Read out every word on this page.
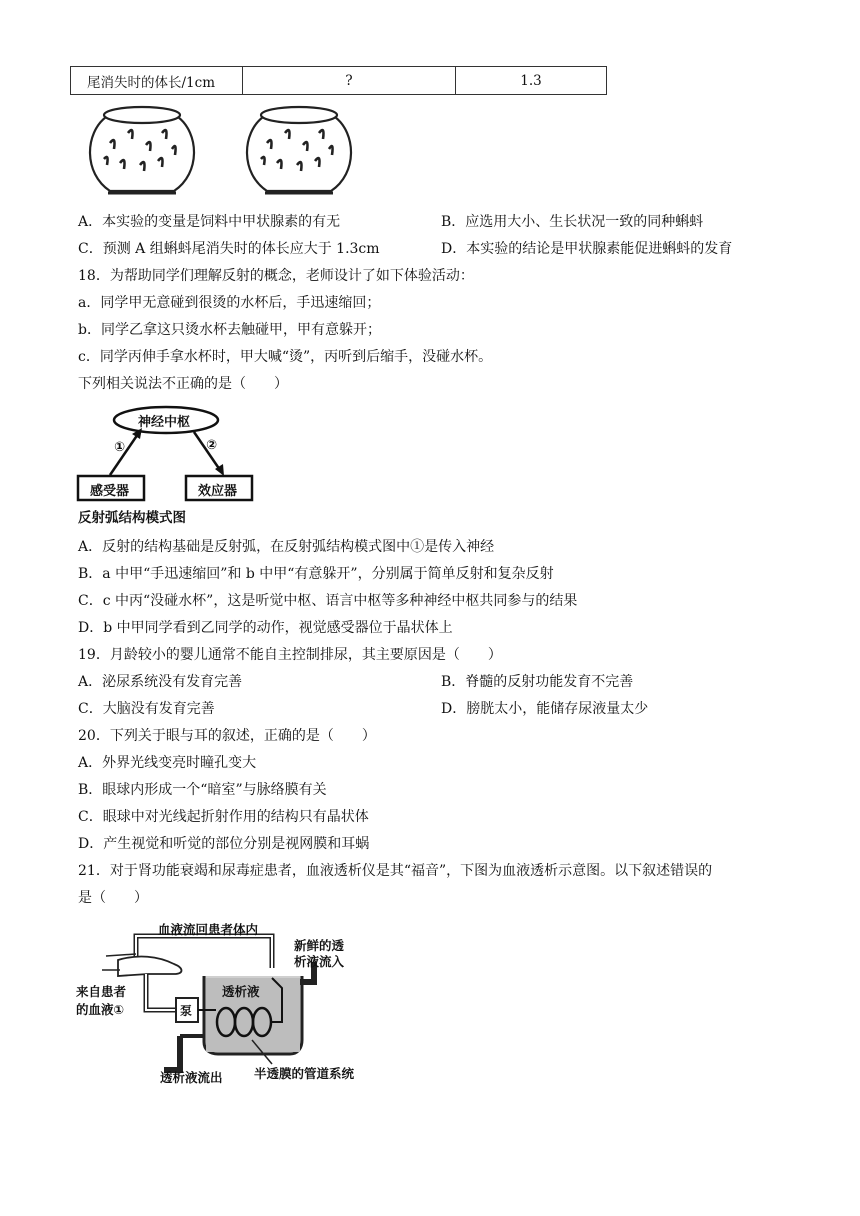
尾消失时的体长/1cm	?	1.3
A．本实验的变量是饲料中甲状腺素的有无	B．应选用大小、生长状况一致的同种蝌蚪
C．预测 A 组蝌蚪尾消失时的体长应大于 1.3cm	D．本实验的结论是甲状腺素能促进蝌蚪的发育
18．为帮助同学们理解反射的概念，老师设计了如下体验活动：
a．同学甲无意碰到很烫的水杯后，手迅速缩回；
b．同学乙拿这只烫水杯去触碰甲，甲有意躲开；
c．同学丙伸手拿水杯时，甲大喊“烫”，丙听到后缩手，没碰水杯。
下列相关说法不正确的是（　　）
神经中枢
①	②
感受器	效应器
反射弧结构模式图
A．反射的结构基础是反射弧，在反射弧结构模式图中①是传入神经
B．a 中甲“手迅速缩回”和 b 中甲“有意躲开”，分别属于简单反射和复杂反射
C．c 中丙“没碰水杯”，这是听觉中枢、语言中枢等多种神经中枢共同参与的结果
D．b 中甲同学看到乙同学的动作，视觉感受器位于晶状体上
19．月龄较小的婴儿通常不能自主控制排尿，其主要原因是（　　）
A．泌尿系统没有发育完善	B．脊髓的反射功能发育不完善
C．大脑没有发育完善	D．膀胱太小，能储存尿液量太少
20．下列关于眼与耳的叙述，正确的是（　　）
A．外界光线变亮时瞳孔变大
B．眼球内形成一个“暗室”与脉络膜有关
C．眼球中对光线起折射作用的结构只有晶状体
D．产生视觉和听觉的部位分别是视网膜和耳蜗
21．对于肾功能衰竭和尿毒症患者，血液透析仪是其“福音”，下图为血液透析示意图。以下叙述错误的
是（　　）
血液流回患者体内
新鲜的透
析液流入
来自患者
的血液①	泵
透析液
透析液流出	半透膜的管道系统
